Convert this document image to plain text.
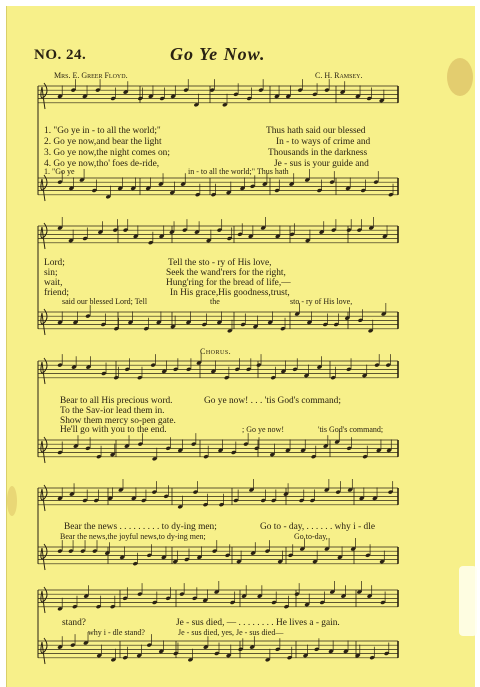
NO. 24.	Go Ye Now.
Mrs. E. Greer Floyd.	C. H. Ramsey.
1. "Go ye in - to all the world;"	Thus hath said our blessed
2. Go ye now,and bear the light	In - to ways of crime and
3. Go ye now,the night comes on;	Thousands in the darkness
4. Go ye now,tho' foes de-ride,	Je - sus is your guide and
1. "Go ye	in - to all the world;" Thus hath
Lord;	Tell the sto - ry of His love,
sin;	Seek the wand'rers for the right,
wait,	Hung'ring for the bread of life,—
friend;	In His grace,His goodness,trust,
said our blessed Lord; Tell	the	sto - ry of His love,
Chorus.
Bear to all His precious word.	Go ye now! . . . 'tis God's command;
To the Sav-ior lead them in.
Show them mercy so-pen gate.
He'll go with you to the end.	; Go ye now!	'tis God's command;
Bear the news . . . . . . . . . to dy-ing men;	Go to - day, . . . . . . why i - dle
Bear the news,the joyful news,to dy-ing men;	Go to-day,
stand?	Je - sus died, — . . . . . . . . He lives a - gain.
why i - dle stand?	Je - sus died, yes, Je - sus died—
